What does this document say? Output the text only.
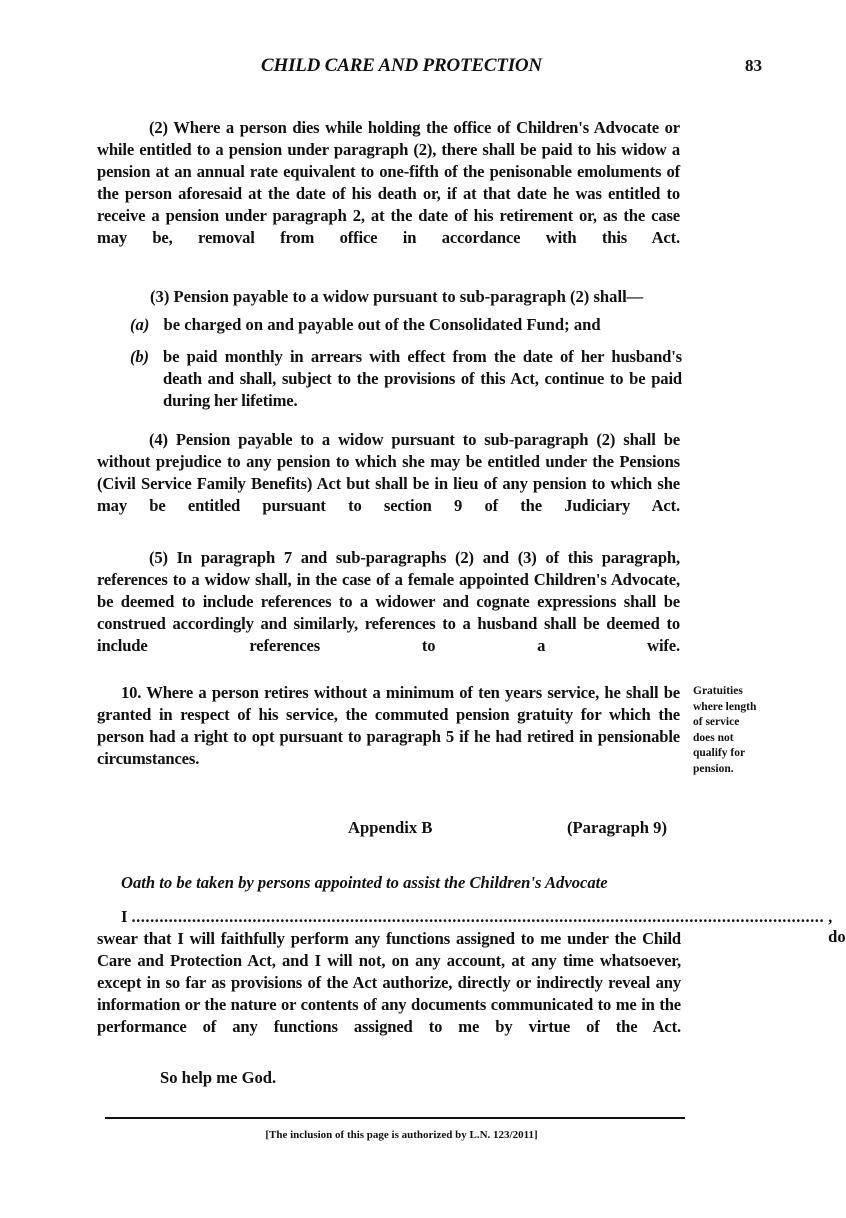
CHILD CARE AND PROTECTION	83
(2) Where a person dies while holding the office of Children's Advocate or while entitled to a pension under paragraph (2), there shall be paid to his widow a pension at an annual rate equivalent to one-fifth of the penisonable emoluments of the person aforesaid at the date of his death or, if at that date he was entitled to receive a pension under paragraph 2, at the date of his retirement or, as the case may be, removal from office in accordance with this Act.
(3) Pension payable to a widow pursuant to sub-paragraph (2) shall—
(a) be charged on and payable out of the Consolidated Fund; and
(b) be paid monthly in arrears with effect from the date of her husband's death and shall, subject to the provisions of this Act, continue to be paid during her lifetime.
(4) Pension payable to a widow pursuant to sub-paragraph (2) shall be without prejudice to any pension to which she may be entitled under the Pensions (Civil Service Family Benefits) Act but shall be in lieu of any pension to which she may be entitled pursuant to section 9 of the Judiciary Act.
(5) In paragraph 7 and sub-paragraphs (2) and (3) of this paragraph, references to a widow shall, in the case of a female appointed Children's Advocate, be deemed to include references to a widower and cognate expressions shall be construed accordingly and similarly, references to a husband shall be deemed to include references to a wife.
10. Where a person retires without a minimum of ten years service, he shall be granted in respect of his service, the commuted pension gratuity for which the person had a right to opt pursuant to paragraph 5 if he had retired in pensionable circumstances.
Gratuities where length of service does not qualify for pension.
Appendix B	(Paragraph 9)
Oath to be taken by persons appointed to assist the Children's Advocate
I ..................................................................................................................................................... , do
swear that I will faithfully perform any functions assigned to me under the Child Care and Protection Act, and I will not, on any account, at any time whatsoever, except in so far as provisions of the Act authorize, directly or indirectly reveal any information or the nature or contents of any documents communicated to me in the performance of any functions assigned to me by virtue of the Act.
So help me God.
[The inclusion of this page is authorized by L.N. 123/2011]
